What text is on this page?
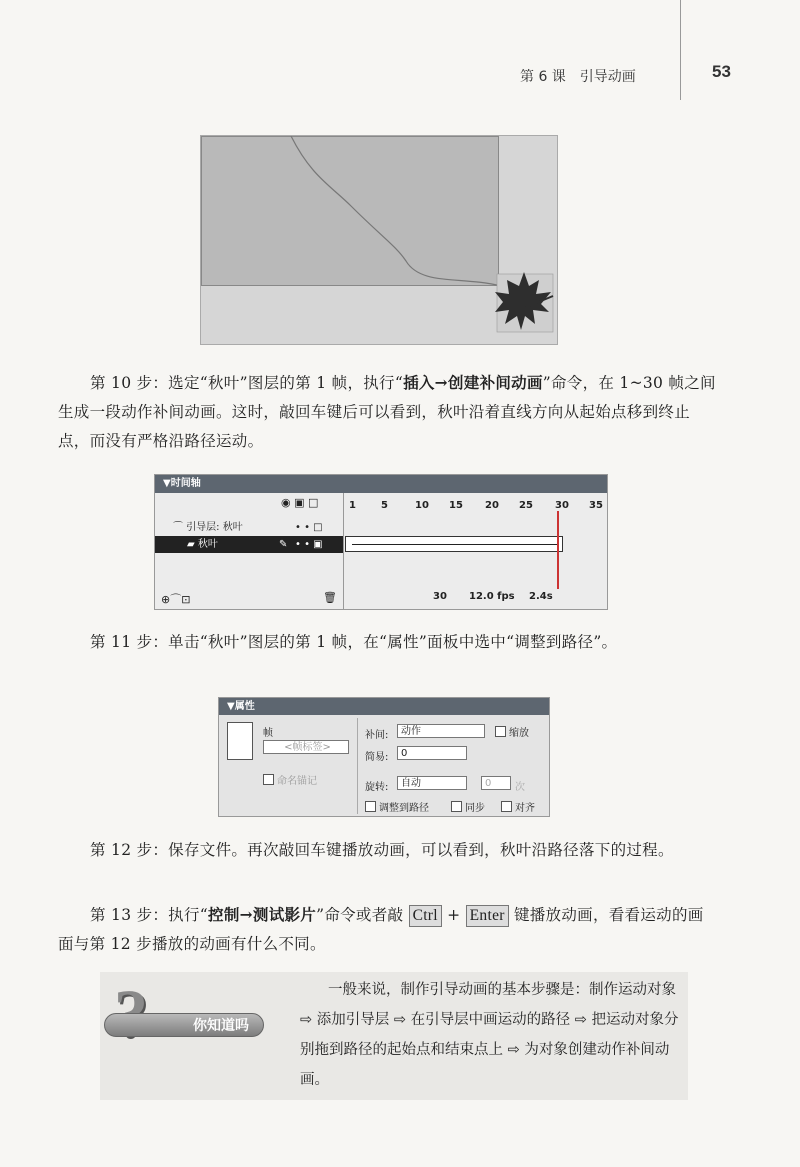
第 6 课　引导动画	53
第 10 步：选定“秋叶”图层的第 1 帧，执行“插入→创建补间动画”命令，在 1~30 帧之间生成一段动作补间动画。这时，敲回车键后可以看到，秋叶沿着直线方向从起始点移到终止点，而没有严格沿路径运动。
▼时间轴
◉ ▣ □
⌒ 引导层: 秋叶	• • □
▰ 秋叶	✎ • • ▣
⊕⌒⊡	🗑
1	5	10 15 20 25 30 35
30 12.0 fps 2.4s
第 11 步：单击“秋叶”图层的第 1 帧，在“属性”面板中选中“调整到路径”。
▼属性
帧
<帧标签>
命名锚记
补间:	动作	缩放
简易:	0
旋转:	自动	0	次
调整到路径	同步	对齐
第 12 步：保存文件。再次敲回车键播放动画，可以看到，秋叶沿路径落下的过程。
第 13 步：执行“控制→测试影片”命令或者敲 Ctrl + Enter 键播放动画，看看运动的画面与第 12 步播放的动画有什么不同。
你知道吗
一般来说，制作引导动画的基本步骤是：制作运动对象 ⇨ 添加引导层 ⇨ 在引导层中画运动的路径 ⇨ 把运动对象分别拖到路径的起始点和结束点上 ⇨ 为对象创建动作补间动画。
